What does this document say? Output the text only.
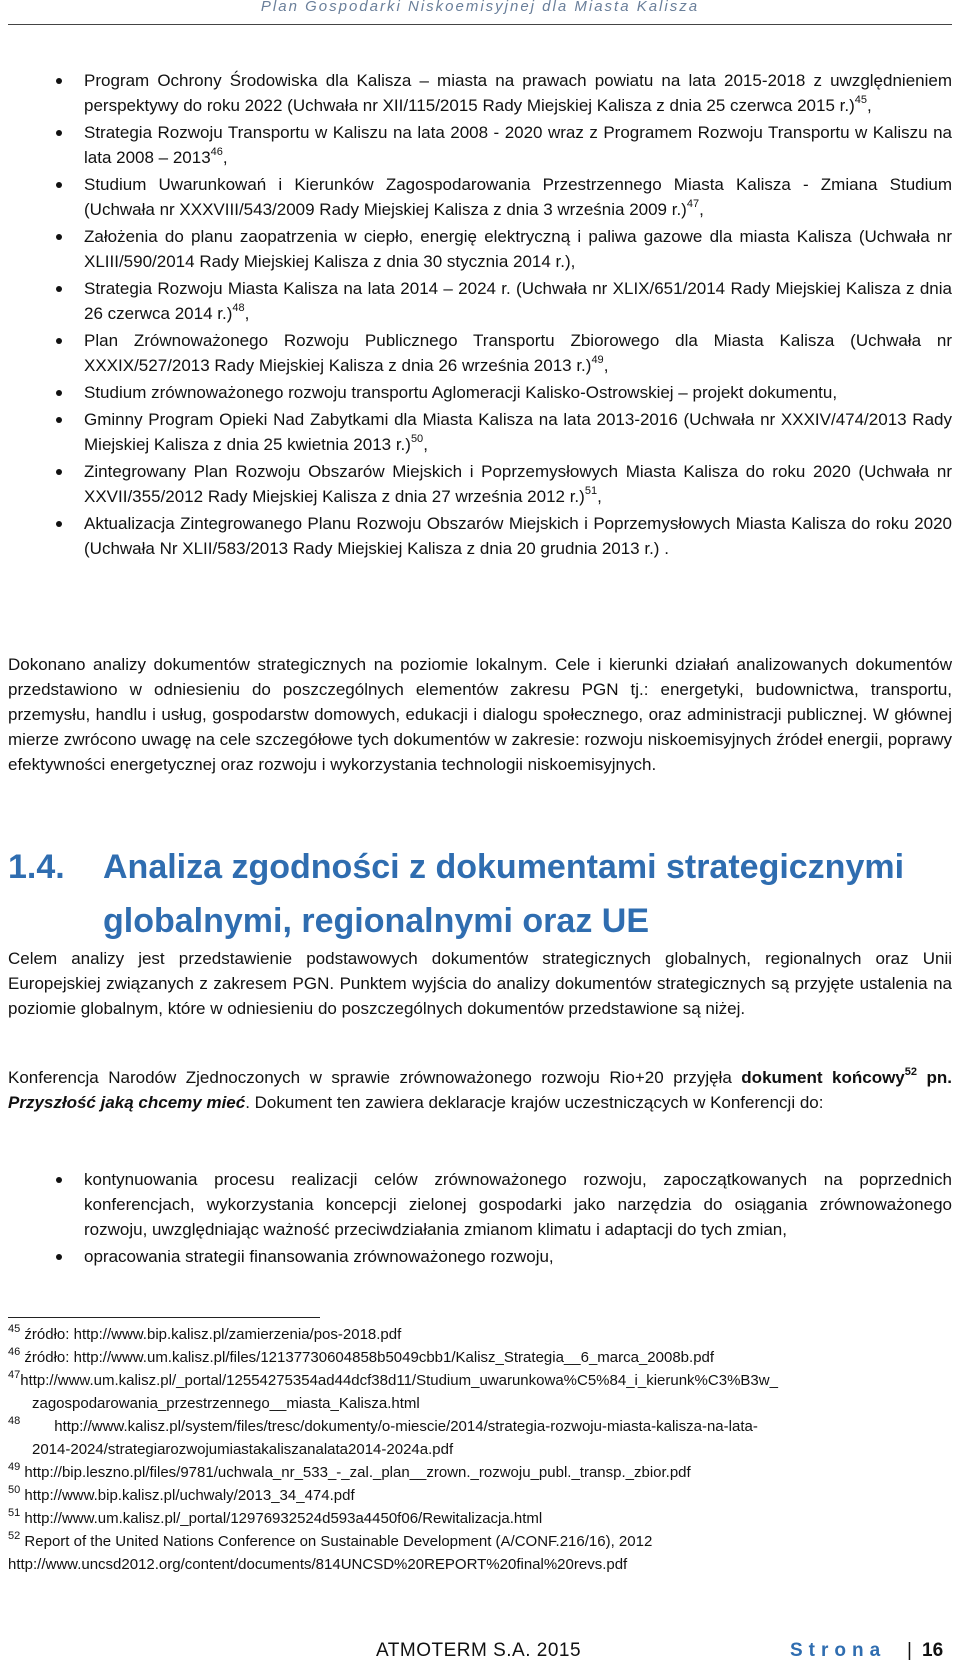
Plan Gospodarki Niskoemisyjnej dla Miasta Kalisza
Program Ochrony Środowiska dla Kalisza – miasta na prawach powiatu na lata 2015-2018 z uwzględnieniem perspektywy do roku 2022 (Uchwała nr XII/115/2015 Rady Miejskiej Kalisza z dnia 25 czerwca 2015 r.)$^{45}$,
Strategia Rozwoju Transportu w Kaliszu na lata 2008 - 2020 wraz z Programem Rozwoju Transportu w Kaliszu na lata 2008 – 2013$^{46}$,
Studium Uwarunkowań i Kierunków Zagospodarowania Przestrzennego Miasta Kalisza - Zmiana Studium (Uchwała nr XXXVIII/543/2009 Rady Miejskiej Kalisza z dnia 3 września 2009 r.)$^{47}$,
Założenia do planu zaopatrzenia w ciepło, energię elektryczną i paliwa gazowe dla miasta Kalisza (Uchwała nr XLIII/590/2014 Rady Miejskiej Kalisza z dnia 30 stycznia 2014 r.),
Strategia Rozwoju Miasta Kalisza na lata 2014 – 2024 r. (Uchwała nr XLIX/651/2014 Rady Miejskiej Kalisza z dnia 26 czerwca 2014 r.)$^{48}$,
Plan Zrównoważonego Rozwoju Publicznego Transportu Zbiorowego dla Miasta Kalisza (Uchwała nr XXXIX/527/2013 Rady Miejskiej Kalisza z dnia 26 września 2013 r.)$^{49}$,
Studium zrównoważonego rozwoju transportu Aglomeracji Kalisko-Ostrowskiej – projekt dokumentu,
Gminny Program Opieki Nad Zabytkami dla Miasta Kalisza na lata 2013-2016 (Uchwała nr XXXIV/474/2013 Rady Miejskiej Kalisza z dnia 25 kwietnia 2013 r.)$^{50}$,
Zintegrowany Plan Rozwoju Obszarów Miejskich i Poprzemysłowych Miasta Kalisza do roku 2020 (Uchwała nr XXVII/355/2012 Rady Miejskiej Kalisza z dnia 27 września 2012 r.)$^{51}$,
Aktualizacja Zintegrowanego Planu Rozwoju Obszarów Miejskich i Poprzemysłowych Miasta Kalisza do roku 2020 (Uchwała Nr XLII/583/2013 Rady Miejskiej Kalisza z dnia 20 grudnia 2013 r.) .

Dokonano analizy dokumentów strategicznych na poziomie lokalnym. Cele i kierunki działań analizowanych dokumentów przedstawiono w odniesieniu do poszczególnych elementów zakresu PGN tj.: energetyki, budownictwa, transportu, przemysłu, handlu i usług, gospodarstw domowych, edukacji i dialogu społecznego, oraz administracji publicznej. W głównej mierze zwrócono uwagę na cele szczegółowe tych dokumentów w zakresie: rozwoju niskoemisyjnych źródeł energii, poprawy efektywności energetycznej oraz rozwoju i wykorzystania technologii niskoemisyjnych.

1.4. Analiza zgodności z dokumentami strategicznymi globalnymi, regionalnymi oraz UE

Celem analizy jest przedstawienie podstawowych dokumentów strategicznych globalnych, regionalnych oraz Unii Europejskiej związanych z zakresem PGN. Punktem wyjścia do analizy dokumentów strategicznych są przyjęte ustalenia na poziomie globalnym, które w odniesieniu do poszczególnych dokumentów przedstawione są niżej.

Konferencja Narodów Zjednoczonych w sprawie zrównoważonego rozwoju Rio+20 przyjęła dokument końcowy$^{52}$ pn. Przyszłość jaką chcemy mieć. Dokument ten zawiera deklaracje krajów uczestniczących w Konferencji do:

kontynuowania procesu realizacji celów zrównoważonego rozwoju, zapoczątkowanych na poprzednich konferencjach, wykorzystania koncepcji zielonej gospodarki jako narzędzia do osiągania zrównoważonego rozwoju, uwzględniając ważność przeciwdziałania zmianom klimatu i adaptacji do tych zmian,
opracowania strategii finansowania zrównoważonego rozwoju,

$^{45}$ źródło: http://www.bip.kalisz.pl/zamierzenia/pos-2018.pdf

$^{46}$ źródło: http://www.um.kalisz.pl/files/12137730604858b5049cbb1/Kalisz_Strategia__6_marca_2008b.pdf

$^{47}$http://www.um.kalisz.pl/_portal/12554275354ad44dcf38d11/Studium_uwarunkowa%C5%84_i_kierunk%C3%B3w_
zagospodarowania_przestrzennego__miasta_Kalisza.html

$^{48}$ http://www.kalisz.pl/system/files/tresc/dokumenty/o-miescie/2014/strategia-rozwoju-miasta-kalisza-na-lata-
2014-2024/strategiarozwojumiastakaliszanalata2014-2024a.pdf

$^{49}$ http://bip.leszno.pl/files/9781/uchwala_nr_533_-_zal._plan__zrown._rozwoju_publ._transp._zbior.pdf

$^{50}$ http://www.bip.kalisz.pl/uchwaly/2013_34_474.pdf

$^{51}$ http://www.um.kalisz.pl/_portal/12976932524d593a4450f06/Rewitalizacja.html

$^{52}$ Report of the United Nations Conference on Sustainable Development (A/CONF.216/16), 2012
http://www.uncsd2012.org/content/documents/814UNCSD%20REPORT%20final%20revs.pdf

ATMOTERM S.A. 2015	Strona | 16
